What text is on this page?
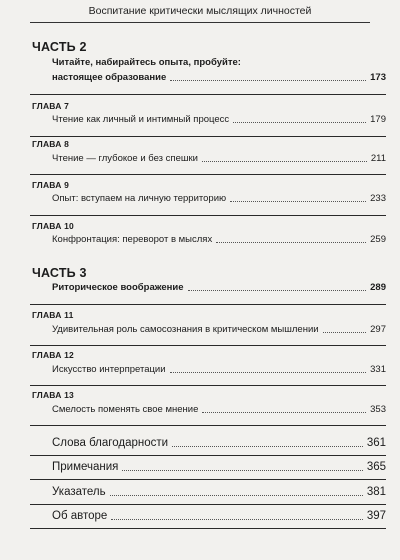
Воспитание критически мыслящих личностей
ЧАСТЬ 2
Читайте, набирайтесь опыта, пробуйте:
настоящее образование	173
ГЛАВА 7
Чтение как личный и интимный процесс	179
ГЛАВА 8
Чтение — глубокое и без спешки	211
ГЛАВА 9
Опыт: вступаем на личную территорию	233
ГЛАВА 10
Конфронтация: переворот в мыслях	259
ЧАСТЬ 3
Риторическое воображение	289
ГЛАВА 11
Удивительная роль самосознания в критическом мышлении	297
ГЛАВА 12
Искусство интерпретации	331
ГЛАВА 13
Смелость поменять свое мнение	353
Слова благодарности	361
Примечания	365
Указатель	381
Об авторе	397
